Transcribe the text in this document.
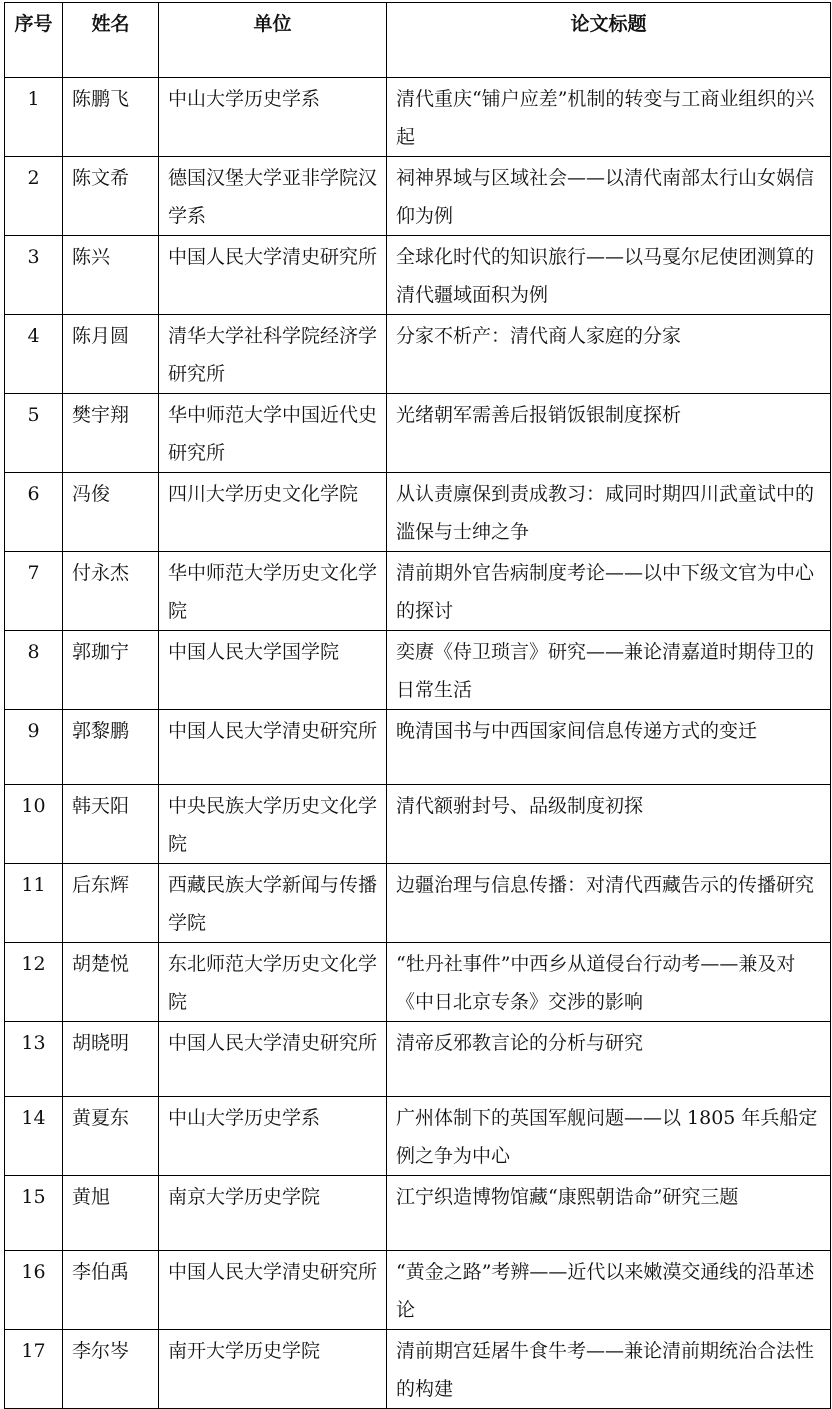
序号	姓名	单位	论文标题
1	陈鹏飞	中山大学历史学系	清代重庆“铺户应差”机制的转变与工商业组织的兴起
2	陈文希	德国汉堡大学亚非学院汉学系	祠神界域与区域社会——以清代南部太行山女娲信仰为例
3	陈兴	中国人民大学清史研究所	全球化时代的知识旅行——以马戛尔尼使团测算的清代疆域面积为例
4	陈月圆	清华大学社科学院经济学研究所	分家不析产：清代商人家庭的分家
5	樊宇翔	华中师范大学中国近代史研究所	光绪朝军需善后报销饭银制度探析
6	冯俊	四川大学历史文化学院	从认责廪保到责成教习：咸同时期四川武童试中的滥保与士绅之争
7	付永杰	华中师范大学历史文化学院	清前期外官告病制度考论——以中下级文官为中心的探讨
8	郭珈宁	中国人民大学国学院	奕赓《侍卫琐言》研究——兼论清嘉道时期侍卫的日常生活
9	郭黎鹏	中国人民大学清史研究所	晚清国书与中西国家间信息传递方式的变迁
10	韩天阳	中央民族大学历史文化学院	清代额驸封号、品级制度初探
11	后东辉	西藏民族大学新闻与传播学院	边疆治理与信息传播：对清代西藏告示的传播研究
12	胡楚悦	东北师范大学历史文化学院	“牡丹社事件”中西乡从道侵台行动考——兼及对《中日北京专条》交涉的影响
13	胡晓明	中国人民大学清史研究所	清帝反邪教言论的分析与研究
14	黄夏东	中山大学历史学系	广州体制下的英国军舰问题——以 1805 年兵船定例之争为中心
15	黄旭	南京大学历史学院	江宁织造博物馆藏“康熙朝诰命”研究三题
16	李伯禹	中国人民大学清史研究所	“黄金之路”考辨——近代以来嫩漠交通线的沿革述论
17	李尔岑	南开大学历史学院	清前期宫廷屠牛食牛考——兼论清前期统治合法性的构建
